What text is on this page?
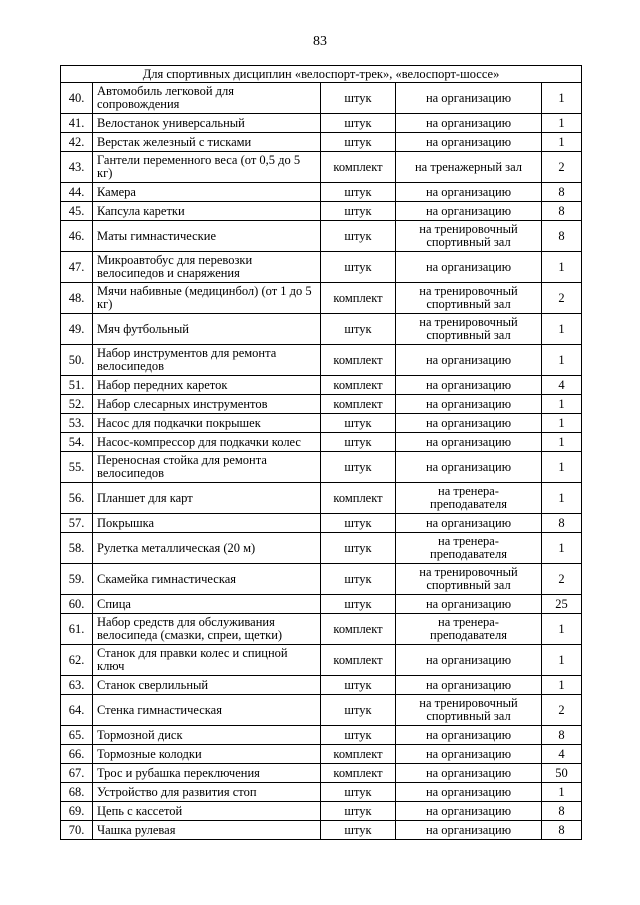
83
Для спортивных дисциплин «велоспорт-трек», «велоспорт-шоссе»				
40.	Автомобиль легковой для сопровождения	штук	на организацию	1
41.	Велостанок универсальный	штук	на организацию	1
42.	Верстак железный с тисками	штук	на организацию	1
43.	Гантели переменного веса (от 0,5 до 5 кг)	комплект	на тренажерный зал	2
44.	Камера	штук	на организацию	8
45.	Капсула каретки	штук	на организацию	8
46.	Маты гимнастические	штук	на тренировочный спортивный зал	8
47.	Микроавтобус для перевозки велосипедов и снаряжения	штук	на организацию	1
48.	Мячи набивные (медицинбол) (от 1 до 5 кг)	комплект	на тренировочный спортивный зал	2
49.	Мяч футбольный	штук	на тренировочный спортивный зал	1
50.	Набор инструментов для ремонта велосипедов	комплект	на организацию	1
51.	Набор передних кареток	комплект	на организацию	4
52.	Набор слесарных инструментов	комплект	на организацию	1
53.	Насос для подкачки покрышек	штук	на организацию	1
54.	Насос-компрессор для подкачки колес	штук	на организацию	1
55.	Переносная стойка для ремонта велосипедов	штук	на организацию	1
56.	Планшет для карт	комплект	на тренера-преподавателя	1
57.	Покрышка	штук	на организацию	8
58.	Рулетка металлическая (20 м)	штук	на тренера-преподавателя	1
59.	Скамейка гимнастическая	штук	на тренировочный спортивный зал	2
60.	Спица	штук	на организацию	25
61.	Набор средств для обслуживания велосипеда (смазки, спреи, щетки)	комплект	на тренера-преподавателя	1
62.	Станок для правки колес и спицной ключ	комплект	на организацию	1
63.	Станок сверлильный	штук	на организацию	1
64.	Стенка гимнастическая	штук	на тренировочный спортивный зал	2
65.	Тормозной диск	штук	на организацию	8
66.	Тормозные колодки	комплект	на организацию	4
67.	Трос и рубашка переключения	комплект	на организацию	50
68.	Устройство для развития стоп	штук	на организацию	1
69.	Цепь с кассетой	штук	на организацию	8
70.	Чашка рулевая	штук	на организацию	8
